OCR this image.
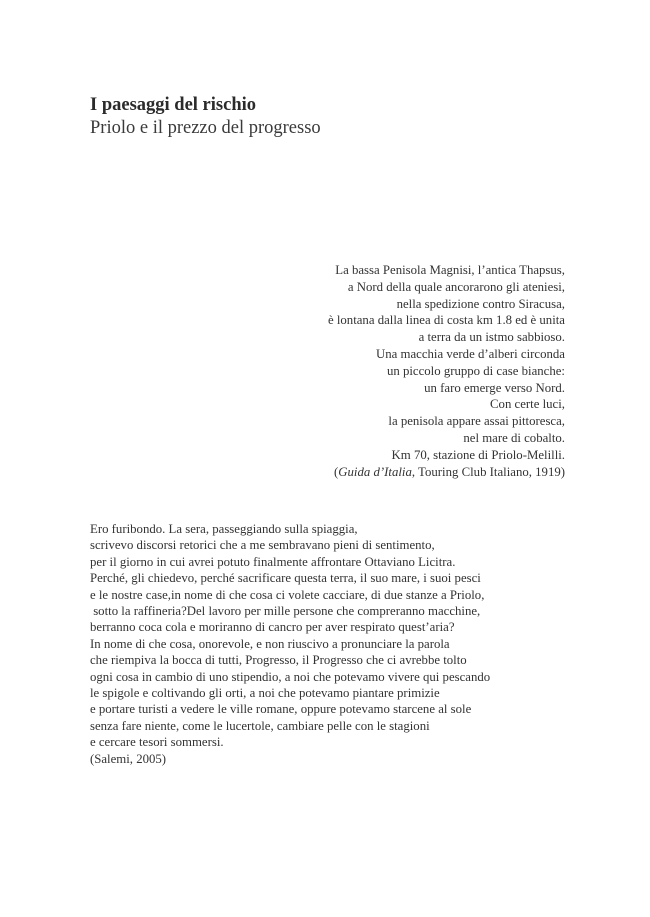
I paesaggi del rischio
Priolo e il prezzo del progresso
La bassa Penisola Magnisi, l’antica Thapsus,
a Nord della quale ancorarono gli ateniesi,
nella spedizione contro Siracusa,
è lontana dalla linea di costa km 1.8 ed è unita
a terra da un istmo sabbioso.
Una macchia verde d’alberi circonda
un piccolo gruppo di case bianche:
un faro emerge verso Nord.
Con certe luci,
la penisola appare assai pittoresca,
nel mare di cobalto.
Km 70, stazione di Priolo-Melilli.
(Guida d’Italia, Touring Club Italiano, 1919)
Ero furibondo. La sera, passeggiando sulla spiaggia,
scrivevo discorsi retorici che a me sembravano pieni di sentimento,
per il giorno in cui avrei potuto finalmente affrontare Ottaviano Licitra.
Perché, gli chiedevo, perché sacrificare questa terra, il suo mare, i suoi pesci
e le nostre case,in nome di che cosa ci volete cacciare, di due stanze a Priolo,
sotto la raffineria?Del lavoro per mille persone che compreranno macchine,
berranno coca cola e moriranno di cancro per aver respirato quest’aria?
In nome di che cosa, onorevole, e non riuscivo a pronunciare la parola
che riempiva la bocca di tutti, Progresso, il Progresso che ci avrebbe tolto
ogni cosa in cambio di uno stipendio, a noi che potevamo vivere qui pescando
le spigole e coltivando gli orti, a noi che potevamo piantare primizie
e portare turisti a vedere le ville romane, oppure potevamo starcene al sole
senza fare niente, come le lucertole, cambiare pelle con le stagioni
e cercare tesori sommersi.
(Salemi, 2005)
